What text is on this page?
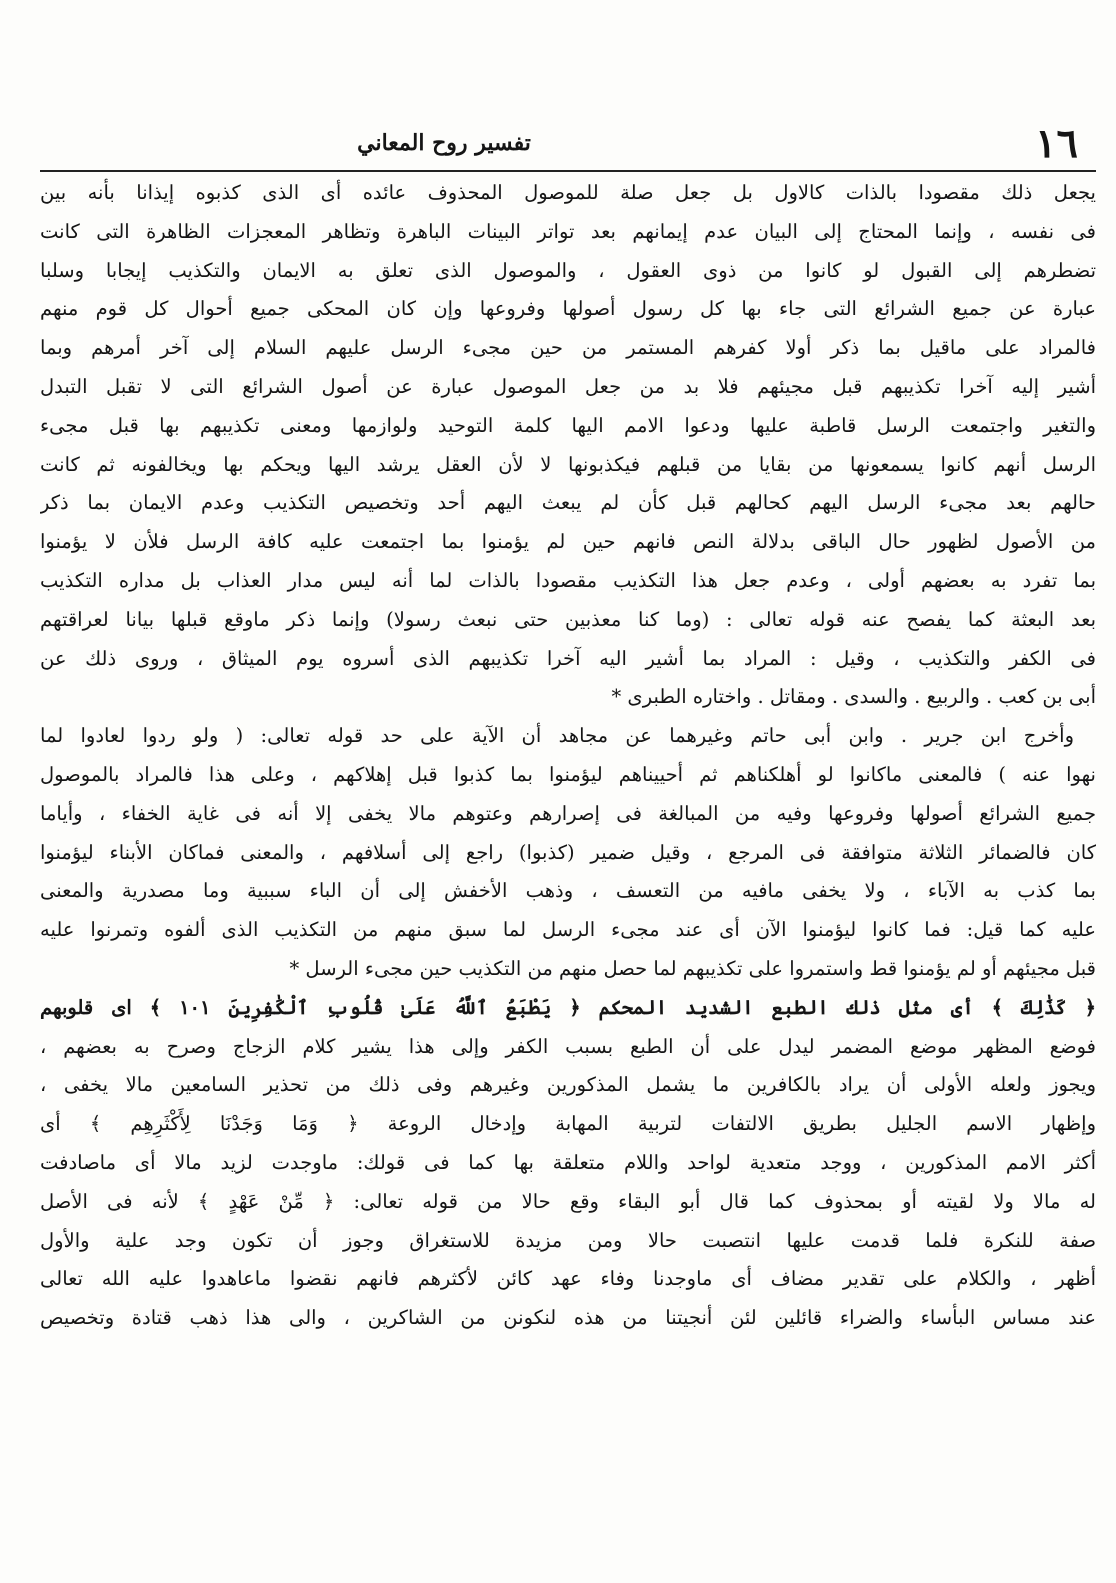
١٦
تفسير روح المعاني
يجعل ذلك مقصودا بالذات كالاول بل جعل صلة للموصول المحذوف عائده أى الذى كذبوه إيذانا بأنه بين
فى نفسه ، وإنما المحتاج إلى البيان عدم إيمانهم بعد تواتر البينات الباهرة وتظاهر المعجزات الظاهرة التى كانت
تضطرهم إلى القبول لو كانوا من ذوى العقول ، والموصول الذى تعلق به الايمان والتكذيب إيجابا وسلبا
عبارة عن جميع الشرائع التى جاء بها كل رسول أصولها وفروعها وإن كان المحكى جميع أحوال كل قوم منهم
فالمراد على ماقيل بما ذكر أولا كفرهم المستمر من حين مجىء الرسل عليهم السلام إلى آخر أمرهم وبما
أشير إليه آخرا تكذيبهم قبل مجيئهم فلا بد من جعل الموصول عبارة عن أصول الشرائع التى لا تقبل التبدل
والتغير واجتمعت الرسل قاطبة عليها ودعوا الامم اليها كلمة التوحيد ولوازمها ومعنى تكذيبهم بها قبل مجىء
الرسل أنهم كانوا يسمعونها من بقايا من قبلهم فيكذبونها لا لأن العقل يرشد اليها ويحكم بها ويخالفونه ثم كانت
حالهم بعد مجىء الرسل اليهم كحالهم قبل كأن لم يبعث اليهم أحد وتخصيص التكذيب وعدم الايمان بما ذكر
من الأصول لظهور حال الباقى بدلالة النص فانهم حين لم يؤمنوا بما اجتمعت عليه كافة الرسل فلأن لا يؤمنوا
بما تفرد به بعضهم أولى ، وعدم جعل هذا التكذيب مقصودا بالذات لما أنه ليس مدار العذاب بل مداره التكذيب
بعد البعثة كما يفصح عنه قوله تعالى : (وما كنا معذبين حتى نبعث رسولا) وإنما ذكر ماوقع قبلها بيانا لعراقتهم
فى الكفر والتكذيب ، وقيل : المراد بما أشير اليه آخرا تكذيبهم الذى أسروه يوم الميثاق ، وروى ذلك عن
أبى بن كعب . والربيع . والسدى . ومقاتل . واختاره الطبرى *
وأخرج ابن جرير . وابن أبى حاتم وغيرهما عن مجاهد أن الآية على حد قوله تعالى: ( ولو ردوا لعادوا لما
نهوا عنه ) فالمعنى ماكانوا لو أهلكناهم ثم أحييناهم ليؤمنوا بما كذبوا قبل إهلاكهم ، وعلى هذا فالمراد بالموصول
جميع الشرائع أصولها وفروعها وفيه من المبالغة فى إصرارهم وعتوهم مالا يخفى إلا أنه فى غاية الخفاء ، وأياما
كان فالضمائر الثلاثة متوافقة فى المرجع ، وقيل ضمير (كذبوا) راجع إلى أسلافهم ، والمعنى فماكان الأبناء ليؤمنوا
بما كذب به الآباء ، ولا يخفى مافيه من التعسف ، وذهب الأخفش إلى أن الباء سببية وما مصدرية والمعنى
عليه كما قيل: فما كانوا ليؤمنوا الآن أى عند مجىء الرسل لما سبق منهم من التكذيب الذى ألفوه وتمرنوا عليه
قبل مجيئهم أو لم يؤمنوا قط واستمروا على تكذيبهم لما حصل منهم من التكذيب حين مجىء الرسل *
﴿ كَذَٰلِكَ ﴾ أى مثل ذلك الطبع الشديد المحكم ﴿ يَطْبَعُ ٱللَّهُ عَلَىٰ قُلُوبِ ٱلْكَٰفِرِينَ ١٠١ ﴾ اى قلوبهم
فوضع المظهر موضع المضمر ليدل على أن الطبع بسبب الكفر وإلى هذا يشير كلام الزجاج وصرح به بعضهم ،
ويجوز ولعله الأولى أن يراد بالكافرين ما يشمل المذكورين وغيرهم وفى ذلك من تحذير السامعين مالا يخفى ،
وإظهار الاسم الجليل بطريق الالتفات لتربية المهابة وإدخال الروعة ﴿ وَمَا وَجَدْنَا لِأَكْثَرِهِم ﴾ أى
أكثر الامم المذكورين ، ووجد متعدية لواحد واللام متعلقة بها كما فى قولك: ماوجدت لزيد مالا أى ماصادفت
له مالا ولا لقيته أو بمحذوف كما قال أبو البقاء وقع حالا من قوله تعالى: ﴿ مِّنْ عَهْدٍ ﴾ لأنه فى الأصل
صفة للنكرة فلما قدمت عليها انتصبت حالا ومن مزيدة للاستغراق وجوز أن تكون وجد علية والأول
أظهر ، والكلام على تقدير مضاف أى ماوجدنا وفاء عهد كائن لأكثرهم فانهم نقضوا ماعاهدوا عليه الله تعالى
عند مساس البأساء والضراء قائلين لئن أنجيتنا من هذه لنكونن من الشاكرين ، والى هذا ذهب قتادة وتخصيص
